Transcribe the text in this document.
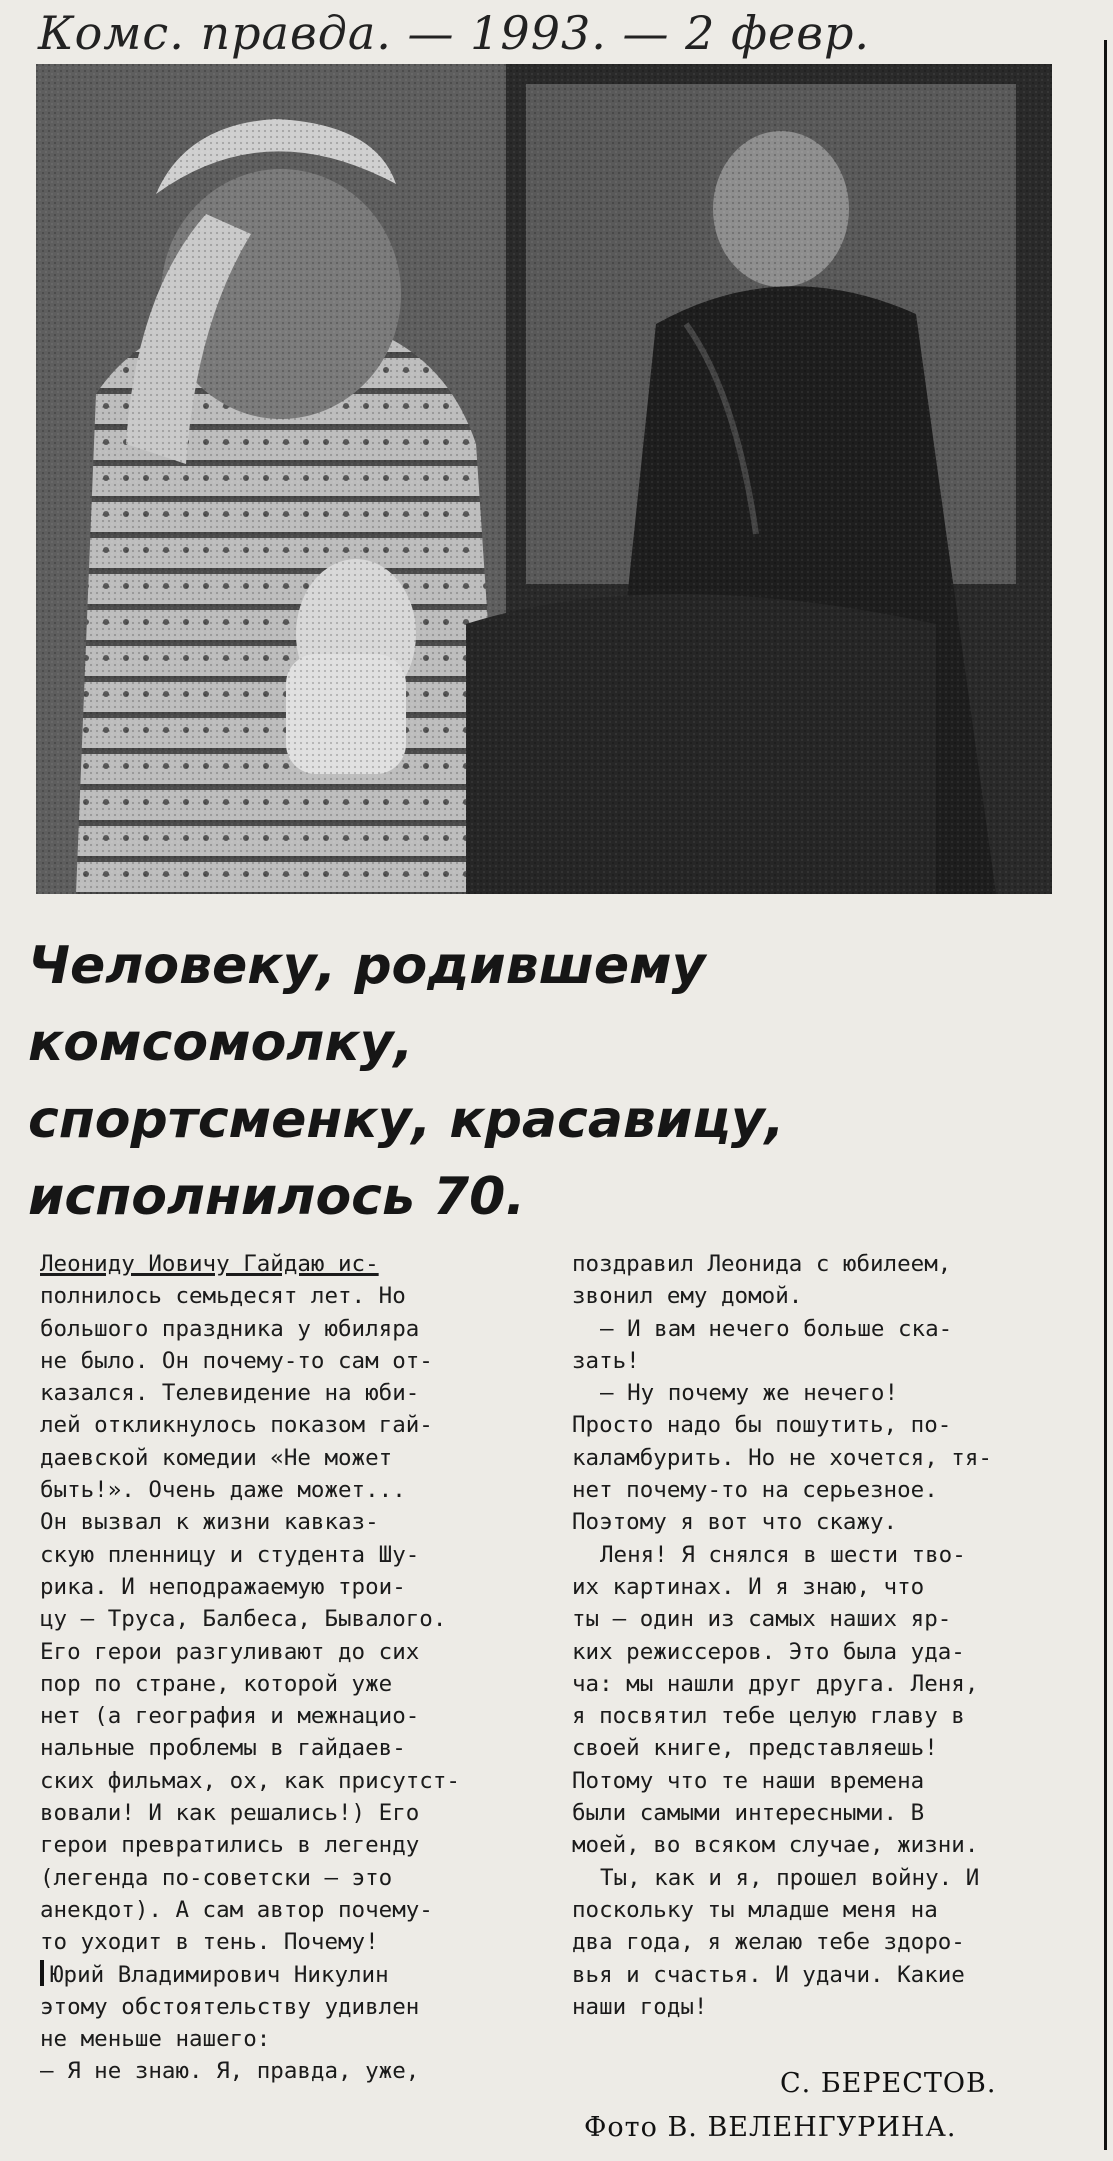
Комс. правда. — 1993. — 2 февр.
Человеку, родившему
комсомолку,
спортсменку, красавицу,
исполнилось 70.
Леониду Иовичу Гайдаю ис-
полнилось семьдесят лет. Но
большого праздника у юбиляра
не было. Он почему-то сам от-
казался. Телевидение на юби-
лей откликнулось показом гай-
даевской комедии «Не может
быть!». Очень даже может...
Он вызвал к жизни кавказ-
скую пленницу и студента Шу-
рика. И неподражаемую трои-
цу — Труса, Балбеса, Бывалого.
Его герои разгуливают до сих
пор по стране, которой уже
нет (а география и межнацио-
нальные проблемы в гайдаев-
ских фильмах, ох, как присутст-
вовали! И как решались!) Его
герои превратились в легенду
(легенда по-советски — это
анекдот). А сам автор почему-
то уходит в тень. Почему!
Юрий Владимирович Никулин
этому обстоятельству удивлен
не меньше нашего:
— Я не знаю. Я, правда, уже,
поздравил Леонида с юбилеем,
звонил ему домой.
— И вам нечего больше ска-
зать!
— Ну почему же нечего!
Просто надо бы пошутить, по-
каламбурить. Но не хочется, тя-
нет почему-то на серьезное.
Поэтому я вот что скажу.
Леня! Я снялся в шести тво-
их картинах. И я знаю, что
ты — один из самых наших яр-
ких режиссеров. Это была уда-
ча: мы нашли друг друга. Леня,
я посвятил тебе целую главу в
своей книге, представляешь!
Потому что те наши времена
были самыми интересными. В
моей, во всяком случае, жизни.
Ты, как и я, прошел войну. И
поскольку ты младше меня на
два года, я желаю тебе здоро-
вья и счастья. И удачи. Какие
наши годы!
С. БЕРЕСТОВ.
Фото В. ВЕЛЕНГУРИНА.
